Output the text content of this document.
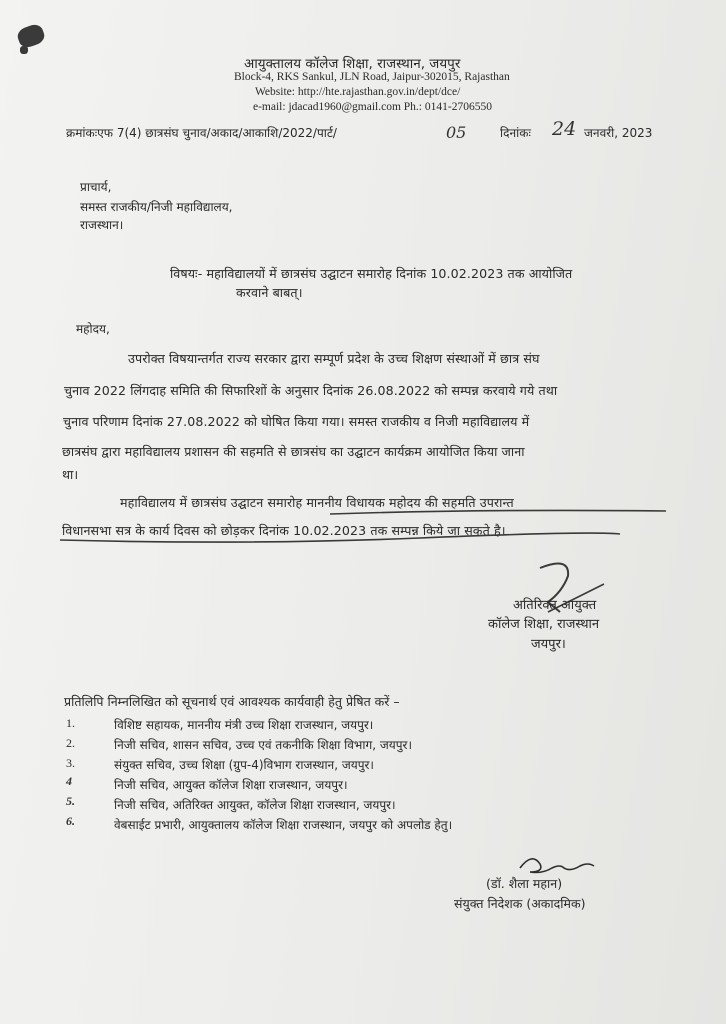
आयुक्तालय कॉलेज शिक्षा, राजस्थान, जयपुर
Block-4, RKS Sankul, JLN Road, Jaipur-302015, Rajasthan
Website: http://hte.rajasthan.gov.in/dept/dce/
e-mail: jdacad1960@gmail.com Ph.: 0141-2706550
क्रमांकःएफ 7(4) छात्रसंघ चुनाव/अकाद/आकाशि/2022/पार्ट/	05	दिनांकः 24 जनवरी, 2023
प्राचार्य,
समस्त राजकीय/निजी महाविद्यालय,
राजस्थान।
विषयः- महाविद्यालयों में छात्रसंघ उद्घाटन समारोह दिनांक 10.02.2023 तक आयोजित
करवाने बाबत्।
महोदय,
उपरोक्त विषयान्तर्गत राज्य सरकार द्वारा सम्पूर्ण प्रदेश के उच्च शिक्षण संस्थाओं में छात्र संघ
चुनाव 2022 लिंगदाह समिति की सिफारिशों के अनुसार दिनांक 26.08.2022 को सम्पन्न करवाये गये तथा
चुनाव परिणाम दिनांक 27.08.2022 को घोषित किया गया। समस्त राजकीय व निजी महाविद्यालय में
छात्रसंघ द्वारा महाविद्यालय प्रशासन की सहमति से छात्रसंघ का उद्घाटन कार्यक्रम आयोजित किया जाना
था।
महाविद्यालय में छात्रसंघ उद्घाटन समारोह माननीय विधायक महोदय की सहमति उपरान्त
विधानसभा सत्र के कार्य दिवस को छोड़कर दिनांक 10.02.2023 तक सम्पन्न किये जा सकते है।
अतिरिक्त आयुक्त
कॉलेज शिक्षा, राजस्थान
जयपुर।
प्रतिलिपि निम्नलिखित को सूचनार्थ एवं आवश्यक कार्यवाही हेतु प्रेषित करें –
1.	विशिष्ट सहायक, माननीय मंत्री उच्च शिक्षा राजस्थान, जयपुर।
2.	निजी सचिव, शासन सचिव, उच्च एवं तकनीकि शिक्षा विभाग, जयपुर।
3.	संयुक्त सचिव, उच्च शिक्षा (ग्रुप-4)विभाग राजस्थान, जयपुर।
4	निजी सचिव, आयुक्त कॉलेज शिक्षा राजस्थान, जयपुर।
5.	निजी सचिव, अतिरिक्त आयुक्त, कॉलेज शिक्षा राजस्थान, जयपुर।
6.	वेबसाईट प्रभारी, आयुक्तालय कॉलेज शिक्षा राजस्थान, जयपुर को अपलोड हेतु।
(डॉ. शैला महान)
संयुक्त निदेशक (अकादमिक)
